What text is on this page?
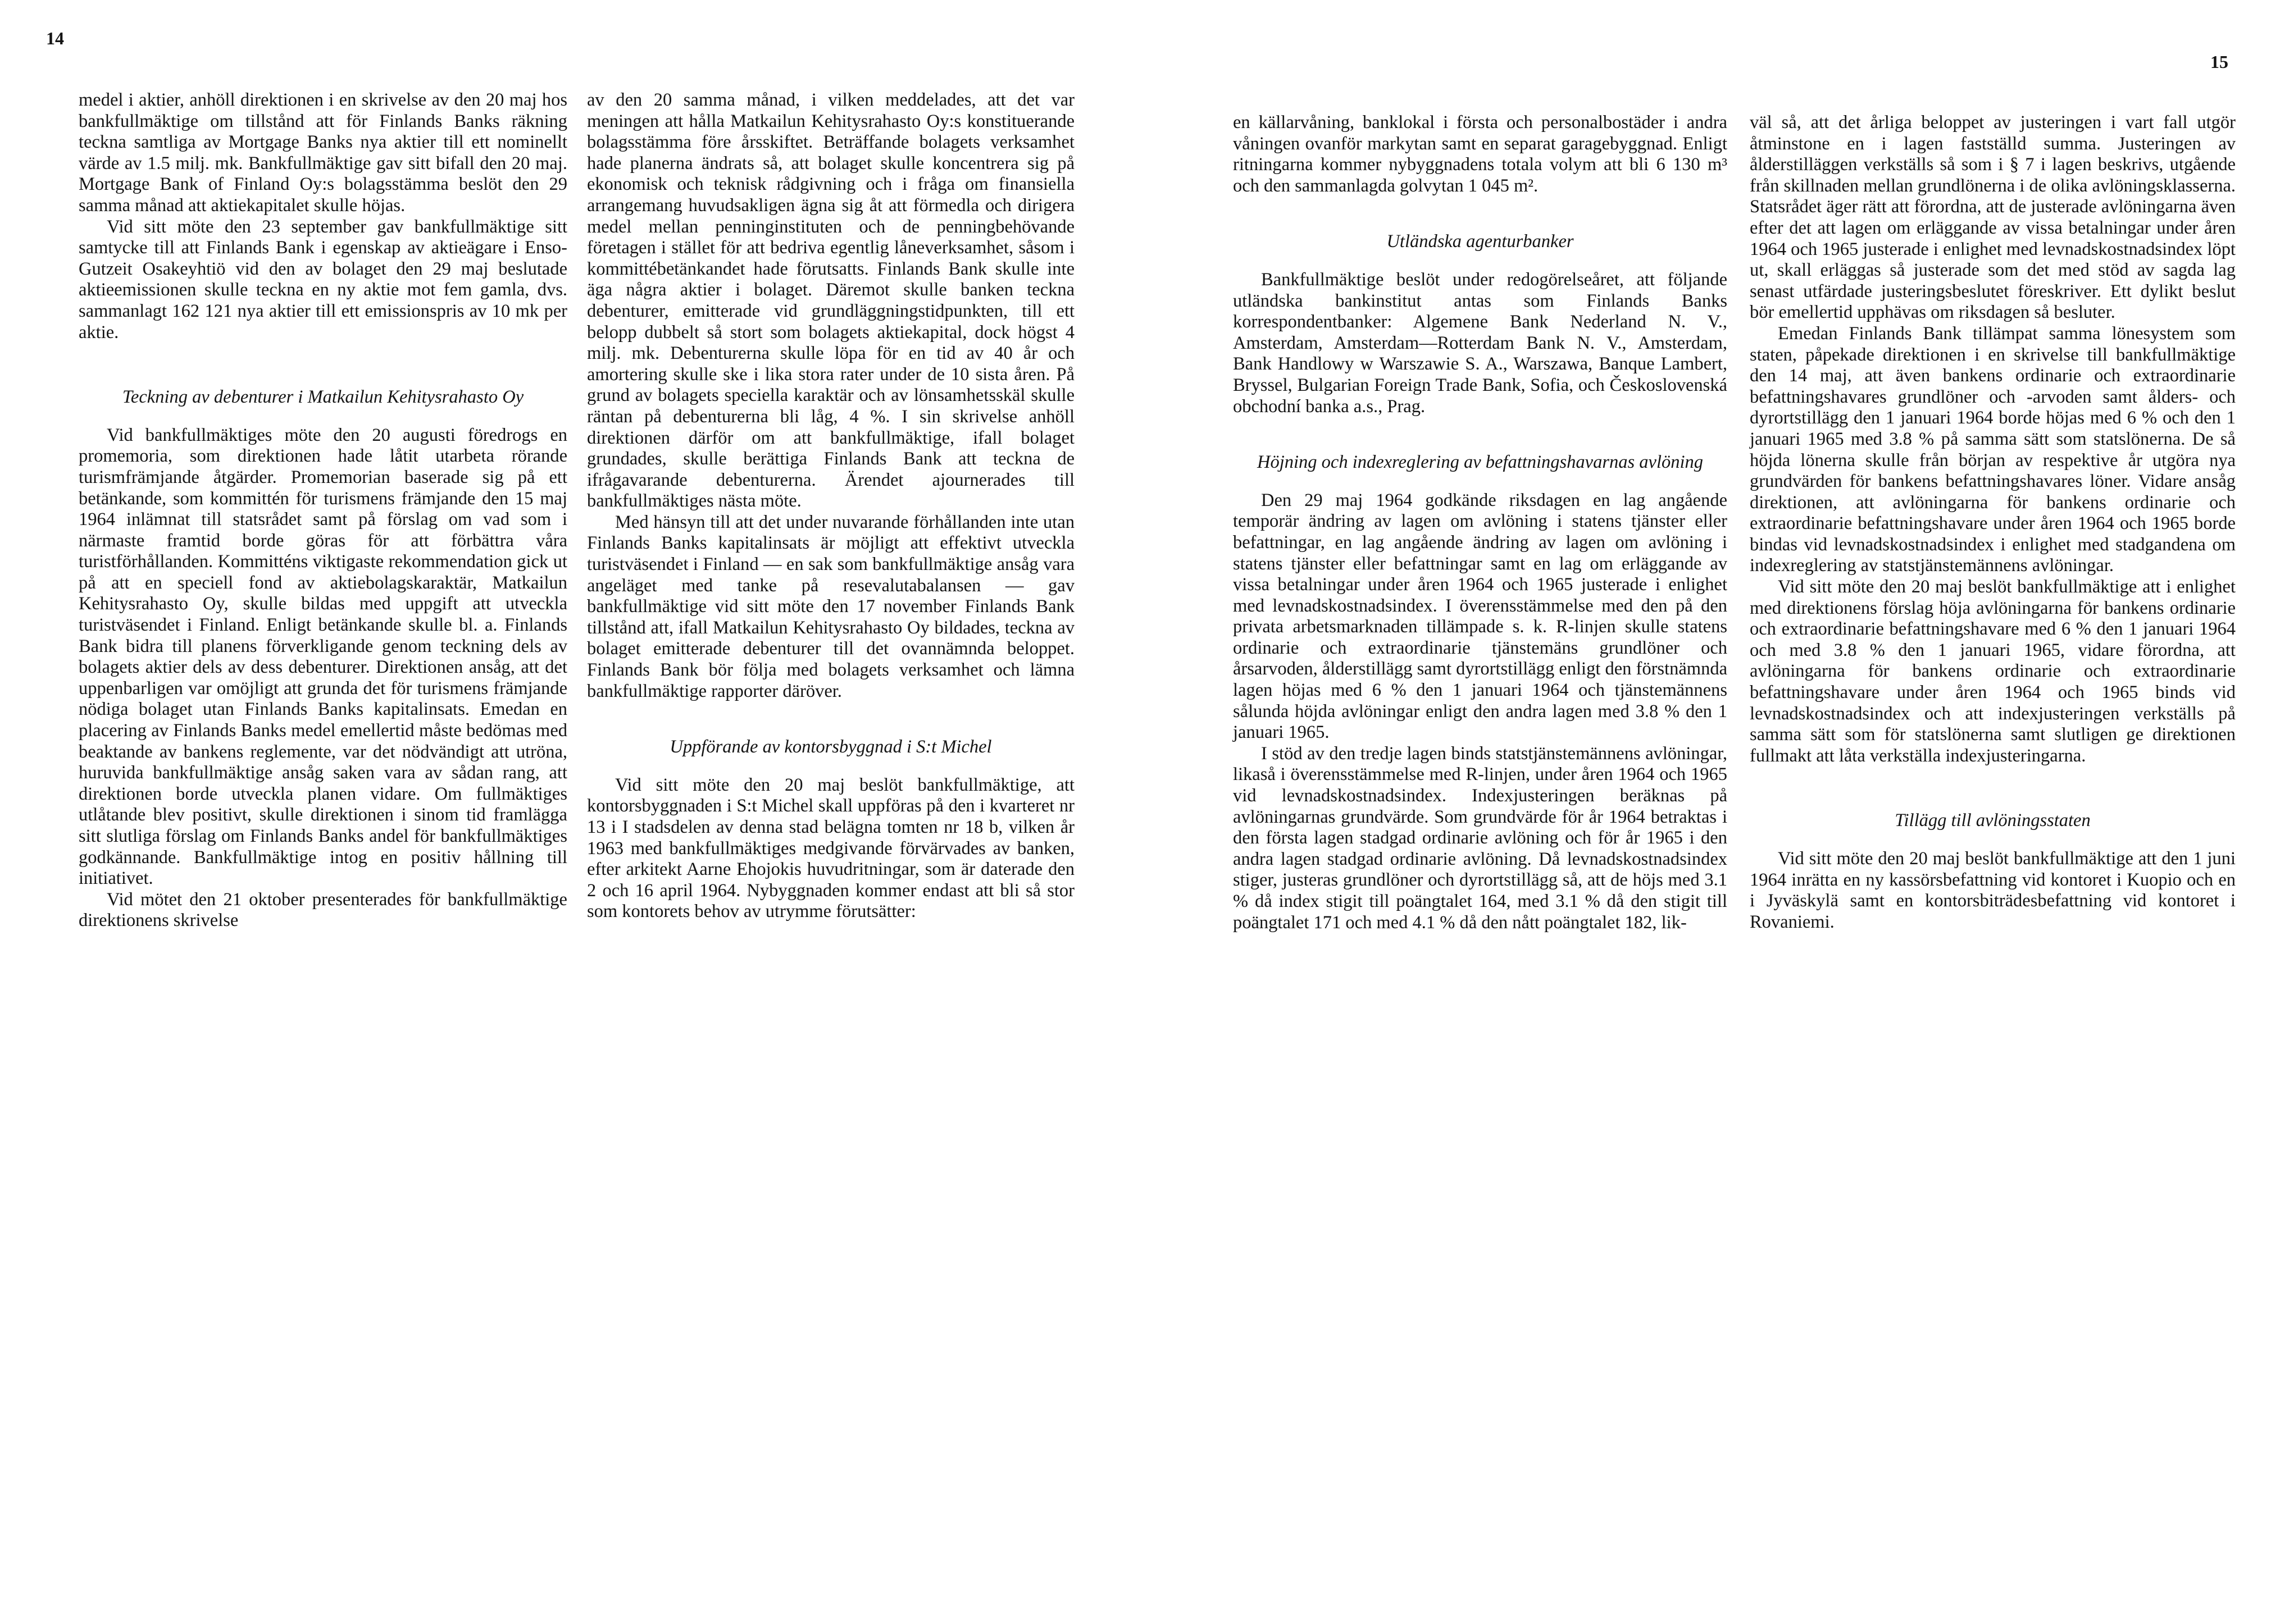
14
15

medel i aktier, anhöll direktionen i en skrivelse av den 20 maj hos bankfullmäktige om tillstånd att för Finlands Banks räkning teckna samtliga av Mortgage Banks nya aktier till ett nominellt värde av 1.5 milj. mk. Bankfullmäktige gav sitt bifall den 20 maj. Mortgage Bank of Finland Oy:s bolagsstämma beslöt den 29 samma månad att aktiekapitalet skulle höjas.

Vid sitt möte den 23 september gav bankfullmäktige sitt samtycke till att Finlands Bank i egenskap av aktieägare i Enso-Gutzeit Osakeyhtiö vid den av bolaget den 29 maj beslutade aktieemissionen skulle teckna en ny aktie mot fem gamla, dvs. sammanlagt 162 121 nya aktier till ett emissionspris av 10 mk per aktie.

Teckning av debenturer i Matkailun Kehitysrahasto Oy

Vid bankfullmäktiges möte den 20 augusti föredrogs en promemoria, som direktionen hade låtit utarbeta rörande turismfrämjande åtgärder. Promemorian baserade sig på ett betänkande, som kommittén för turismens främjande den 15 maj 1964 inlämnat till statsrådet samt på förslag om vad som i närmaste framtid borde göras för att förbättra våra turistförhållanden. Kommitténs viktigaste rekommendation gick ut på att en speciell fond av aktiebolagskaraktär, Matkailun Kehitysrahasto Oy, skulle bildas med uppgift att utveckla turistväsendet i Finland. Enligt betänkande skulle bl. a. Finlands Bank bidra till planens förverkligande genom teckning dels av bolagets aktier dels av dess debenturer. Direktionen ansåg, att det uppenbarligen var omöjligt att grunda det för turismens främjande nödiga bolaget utan Finlands Banks kapitalinsats. Emedan en placering av Finlands Banks medel emellertid måste bedömas med beaktande av bankens reglemente, var det nödvändigt att utröna, huruvida bankfullmäktige ansåg saken vara av sådan rang, att direktionen borde utveckla planen vidare. Om fullmäktiges utlåtande blev positivt, skulle direktionen i sinom tid framlägga sitt slutliga förslag om Finlands Banks andel för bankfullmäktiges godkännande. Bankfullmäktige intog en positiv hållning till initiativet.

Vid mötet den 21 oktober presenterades för bankfullmäktige direktionens skrivelse

av den 20 samma månad, i vilken meddelades, att det var meningen att hålla Matkailun Kehitysrahasto Oy:s konstituerande bolagsstämma före årsskiftet. Beträffande bolagets verksamhet hade planerna ändrats så, att bolaget skulle koncentrera sig på ekonomisk och teknisk rådgivning och i fråga om finansiella arrangemang huvudsakligen ägna sig åt att förmedla och dirigera medel mellan penninginstituten och de penningbehövande företagen i stället för att bedriva egentlig låneverksamhet, såsom i kommittébetänkandet hade förutsatts. Finlands Bank skulle inte äga några aktier i bolaget. Däremot skulle banken teckna debenturer, emitterade vid grundläggningstidpunkten, till ett belopp dubbelt så stort som bolagets aktiekapital, dock högst 4 milj. mk. Debenturerna skulle löpa för en tid av 40 år och amortering skulle ske i lika stora rater under de 10 sista åren. På grund av bolagets speciella karaktär och av lönsamhetsskäl skulle räntan på debenturerna bli låg, 4 %. I sin skrivelse anhöll direktionen därför om att bankfullmäktige, ifall bolaget grundades, skulle berättiga Finlands Bank att teckna de ifrågavarande debenturerna. Ärendet ajournerades till bankfullmäktiges nästa möte.

Med hänsyn till att det under nuvarande förhållanden inte utan Finlands Banks kapitalinsats är möjligt att effektivt utveckla turistväsendet i Finland — en sak som bankfullmäktige ansåg vara angeläget med tanke på resevalutabalansen — gav bankfullmäktige vid sitt möte den 17 november Finlands Bank tillstånd att, ifall Matkailun Kehitysrahasto Oy bildades, teckna av bolaget emitterade debenturer till det ovannämnda beloppet. Finlands Bank bör följa med bolagets verksamhet och lämna bankfullmäktige rapporter däröver.

Uppförande av kontorsbyggnad i S:t Michel

Vid sitt möte den 20 maj beslöt bankfullmäktige, att kontorsbyggnaden i S:t Michel skall uppföras på den i kvarteret nr 13 i I stadsdelen av denna stad belägna tomten nr 18 b, vilken år 1963 med bankfullmäktiges medgivande förvärvades av banken, efter arkitekt Aarne Ehojokis huvudritningar, som är daterade den 2 och 16 april 1964. Nybyggnaden kommer endast att bli så stor som kontorets behov av utrymme förutsätter:

en källarvåning, banklokal i första och personalbostäder i andra våningen ovanför markytan samt en separat garagebyggnad. Enligt ritningarna kommer nybyggnadens totala volym att bli 6 130 m³ och den sammanlagda golvytan 1 045 m².

Utländska agenturbanker

Bankfullmäktige beslöt under redogörelseåret, att följande utländska bankinstitut antas som Finlands Banks korrespondentbanker: Algemene Bank Nederland N. V., Amsterdam, Amsterdam—Rotterdam Bank N. V., Amsterdam, Bank Handlowy w Warszawie S. A., Warszawa, Banque Lambert, Bryssel, Bulgarian Foreign Trade Bank, Sofia, och Československá obchodní banka a.s., Prag.

Höjning och indexreglering av befattningshavarnas avlöning

Den 29 maj 1964 godkände riksdagen en lag angående temporär ändring av lagen om avlöning i statens tjänster eller befattningar, en lag angående ändring av lagen om avlöning i statens tjänster eller befattningar samt en lag om erläggande av vissa betalningar under åren 1964 och 1965 justerade i enlighet med levnadskostnadsindex. I överensstämmelse med den på den privata arbetsmarknaden tillämpade s. k. R-linjen skulle statens ordinarie och extraordinarie tjänstemäns grundlöner och årsarvoden, ålderstillägg samt dyrortstillägg enligt den förstnämnda lagen höjas med 6 % den 1 januari 1964 och tjänstemännens sålunda höjda avlöningar enligt den andra lagen med 3.8 % den 1 januari 1965.

I stöd av den tredje lagen binds statstjänstemännens avlöningar, likaså i överensstämmelse med R-linjen, under åren 1964 och 1965 vid levnadskostnadsindex. Indexjusteringen beräknas på avlöningarnas grundvärde. Som grundvärde för år 1964 betraktas i den första lagen stadgad ordinarie avlöning och för år 1965 i den andra lagen stadgad ordinarie avlöning. Då levnadskostnadsindex stiger, justeras grundlöner och dyrortstillägg så, att de höjs med 3.1 % då index stigit till poängtalet 164, med 3.1 % då den stigit till poängtalet 171 och med 4.1 % då den nått poängtalet 182, lik-

väl så, att det årliga beloppet av justeringen i vart fall utgör åtminstone en i lagen fastställd summa. Justeringen av ålderstilläggen verkställs så som i § 7 i lagen beskrivs, utgående från skillnaden mellan grundlönerna i de olika avlöningsklasserna. Statsrådet äger rätt att förordna, att de justerade avlöningarna även efter det att lagen om erläggande av vissa betalningar under åren 1964 och 1965 justerade i enlighet med levnadskostnadsindex löpt ut, skall erläggas så justerade som det med stöd av sagda lag senast utfärdade justeringsbeslutet föreskriver. Ett dylikt beslut bör emellertid upphävas om riksdagen så besluter.

Emedan Finlands Bank tillämpat samma lönesystem som staten, påpekade direktionen i en skrivelse till bankfullmäktige den 14 maj, att även bankens ordinarie och extraordinarie befattningshavares grundlöner och -arvoden samt ålders- och dyrortstillägg den 1 januari 1964 borde höjas med 6 % och den 1 januari 1965 med 3.8 % på samma sätt som statslönerna. De så höjda lönerna skulle från början av respektive år utgöra nya grundvärden för bankens befattningshavares löner. Vidare ansåg direktionen, att avlöningarna för bankens ordinarie och extraordinarie befattningshavare under åren 1964 och 1965 borde bindas vid levnadskostnadsindex i enlighet med stadgandena om indexreglering av statstjänstemännens avlöningar.

Vid sitt möte den 20 maj beslöt bankfullmäktige att i enlighet med direktionens förslag höja avlöningarna för bankens ordinarie och extraordinarie befattningshavare med 6 % den 1 januari 1964 och med 3.8 % den 1 januari 1965, vidare förordna, att avlöningarna för bankens ordinarie och extraordinarie befattningshavare under åren 1964 och 1965 binds vid levnadskostnadsindex och att indexjusteringen verkställs på samma sätt som för statslönerna samt slutligen ge direktionen fullmakt att låta verkställa indexjusteringarna.

Tillägg till avlöningsstaten

Vid sitt möte den 20 maj beslöt bankfullmäktige att den 1 juni 1964 inrätta en ny kassörsbefattning vid kontoret i Kuopio och en i Jyväskylä samt en kontorsbiträdesbefattning vid kontoret i Rovaniemi.
